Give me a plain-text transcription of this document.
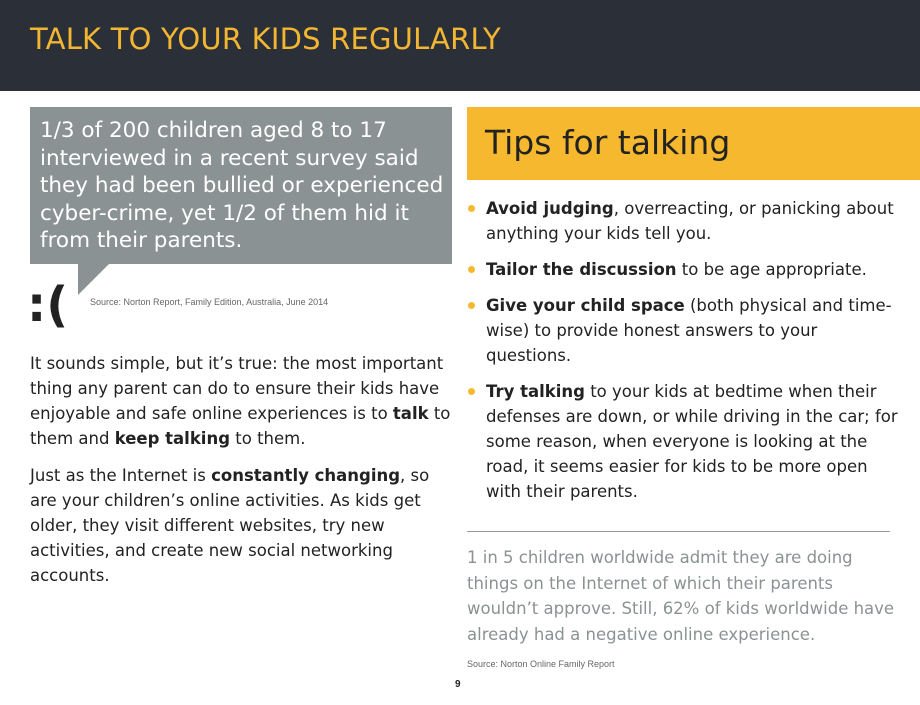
TALK TO YOUR KIDS REGULARLY
1/3 of 200 children aged 8 to 17 interviewed in a recent survey said they had been bullied or experienced cyber-crime, yet 1/2 of them hid it from their parents.
:( Source: Norton Report, Family Edition, Australia, June 2014

It sounds simple, but it’s true: the most important thing any parent can do to ensure their kids have enjoyable and safe online experiences is to talk to them and keep talking to them.

Just as the Internet is constantly changing, so are your children’s online activities. As kids get older, they visit different websites, try new activities, and create new social networking accounts.

Tips for talking
Avoid judging, overreacting, or panicking about anything your kids tell you.
Tailor the discussion to be age appropriate.
Give your child space (both physical and time-wise) to provide honest answers to your questions.
Try talking to your kids at bedtime when their defenses are down, or while driving in the car; for some reason, when everyone is looking at the road, it seems easier for kids to be more open with their parents.
1 in 5 children worldwide admit they are doing things on the Internet of which their parents wouldn’t approve. Still, 62% of kids worldwide have already had a negative online experience.
Source: Norton Online Family Report
9
